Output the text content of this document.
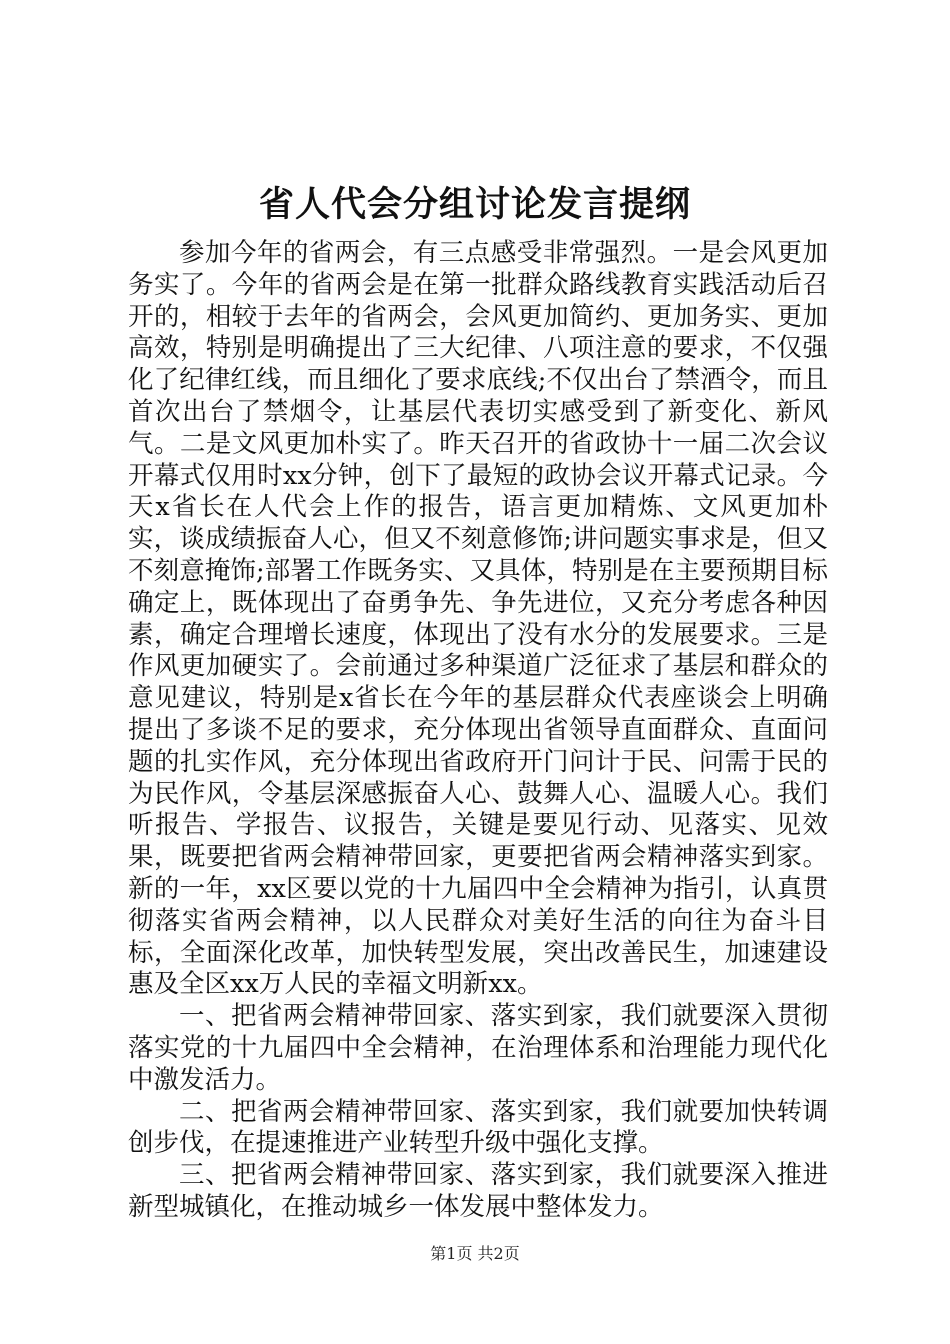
省人代会分组讨论发言提纲

参加今年的省两会，有三点感受非常强烈。一是会风更加务实了。今年的省两会是在第一批群众路线教育实践活动后召开的，相较于去年的省两会，会风更加简约、更加务实、更加高效，特别是明确提出了三大纪律、八项注意的要求，不仅强化了纪律红线，而且细化了要求底线;不仅出台了禁酒令，而且首次出台了禁烟令，让基层代表切实感受到了新变化、新风气。二是文风更加朴实了。昨天召开的省政协十一届二次会议开幕式仅用时xx分钟，创下了最短的政协会议开幕式记录。今天x省长在人代会上作的报告，语言更加精炼、文风更加朴实，谈成绩振奋人心，但又不刻意修饰;讲问题实事求是，但又不刻意掩饰;部署工作既务实、又具体，特别是在主要预期目标确定上，既体现出了奋勇争先、争先进位，又充分考虑各种因素，确定合理增长速度，体现出了没有水分的发展要求。三是作风更加硬实了。会前通过多种渠道广泛征求了基层和群众的意见建议，特别是x省长在今年的基层群众代表座谈会上明确提出了多谈不足的要求，充分体现出省领导直面群众、直面问题的扎实作风，充分体现出省政府开门问计于民、问需于民的为民作风，令基层深感振奋人心、鼓舞人心、温暖人心。我们听报告、学报告、议报告，关键是要见行动、见落实、见效果，既要把省两会精神带回家，更要把省两会精神落实到家。新的一年，xx区要以党的十九届四中全会精神为指引，认真贯彻落实省两会精神，以人民群众对美好生活的向往为奋斗目标，全面深化改革，加快转型发展，突出改善民生，加速建设惠及全区xx万人民的幸福文明新xx。

一、把省两会精神带回家、落实到家，我们就要深入贯彻落实党的十九届四中全会精神，在治理体系和治理能力现代化中激发活力。

二、把省两会精神带回家、落实到家，我们就要加快转调创步伐，在提速推进产业转型升级中强化支撑。

三、把省两会精神带回家、落实到家，我们就要深入推进新型城镇化，在推动城乡一体发展中整体发力。

第1页 共2页
